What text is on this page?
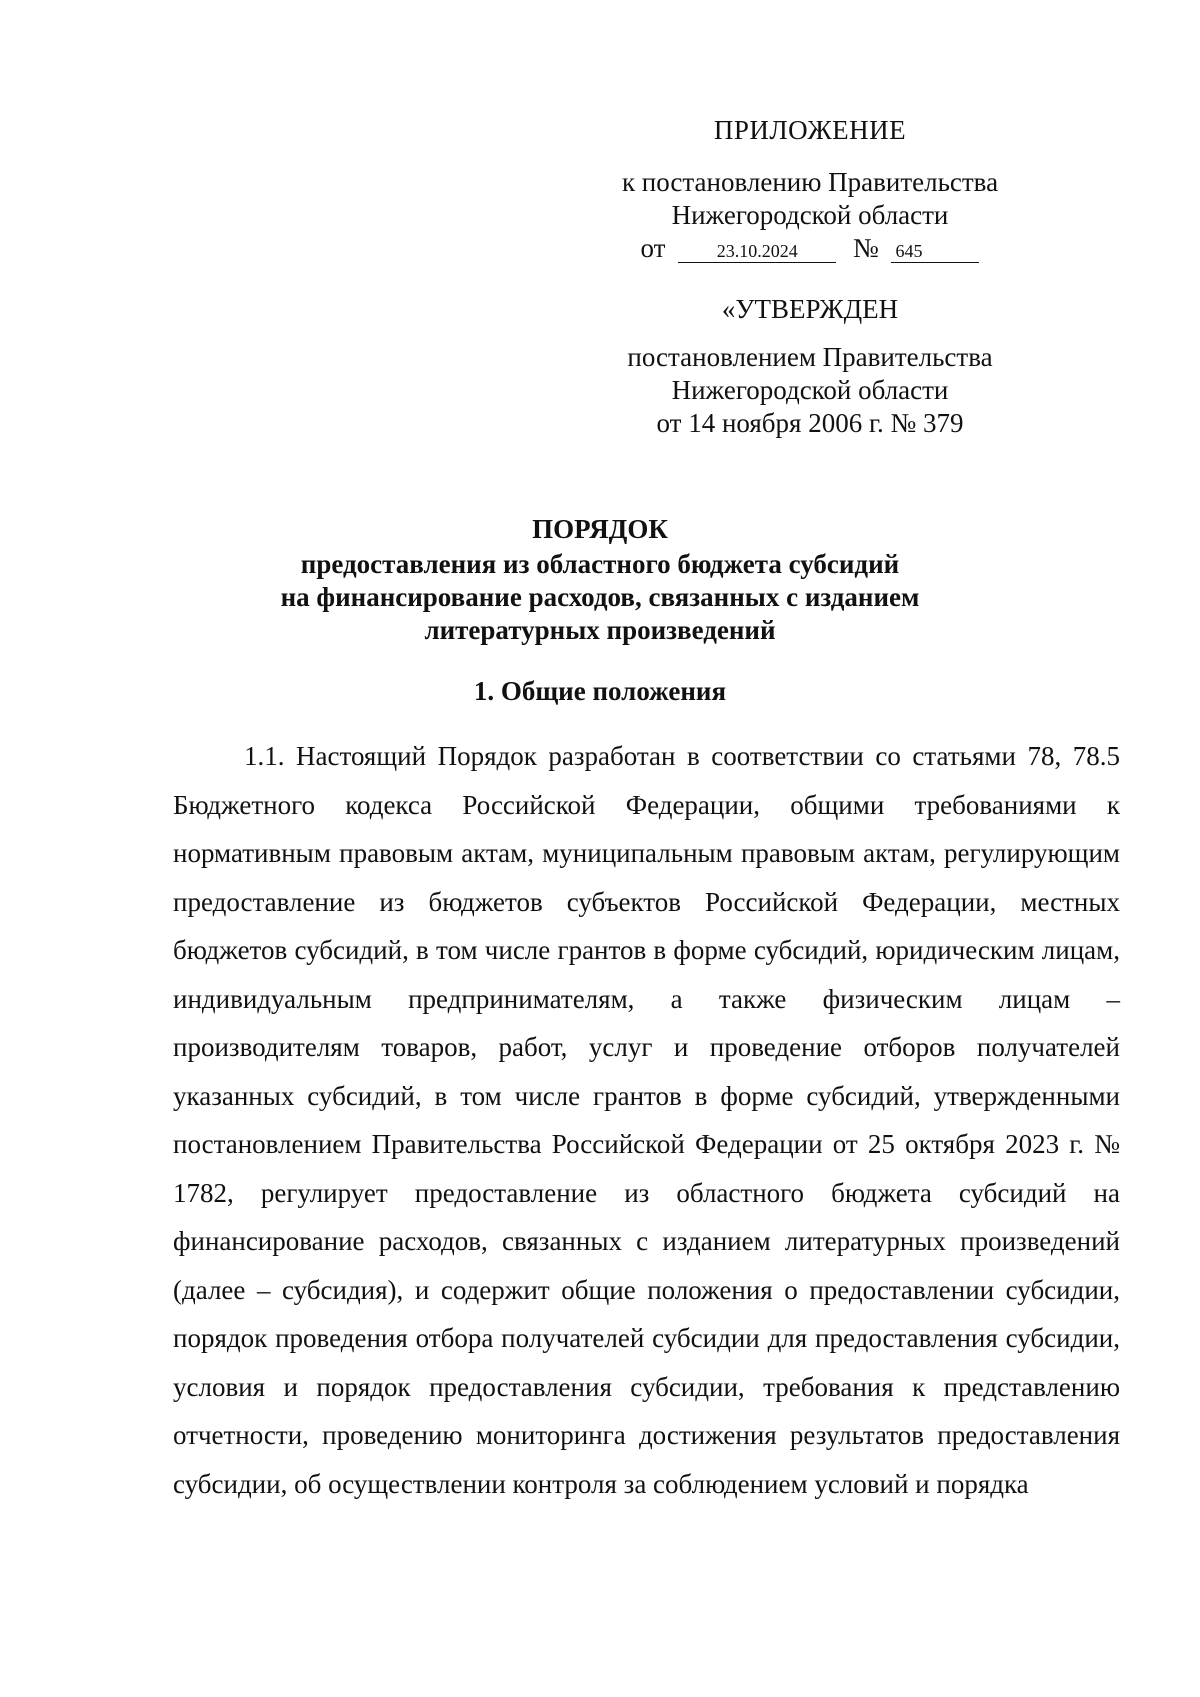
ПРИЛОЖЕНИЕ
к постановлению Правительства
Нижегородской области
от	23.10.2024 № 645
«УТВЕРЖДЕН
постановлением Правительства
Нижегородской области
от 14 ноября 2006 г. № 379
ПОРЯДОК
предоставления из областного бюджета субсидий
на финансирование расходов, связанных с изданием
литературных произведений
1. Общие положения

1.1. Настоящий Порядок разработан в соответствии со статьями 78, 78.5 Бюджетного кодекса Российской Федерации, общими требованиями к нормативным правовым актам, муниципальным правовым актам, регулирующим предоставление из бюджетов субъектов Российской Федерации, местных бюджетов субсидий, в том числе грантов в форме субсидий, юридическим лицам, индивидуальным предпринимателям, а также физическим лицам – производителям товаров, работ, услуг и проведение отборов получателей указанных субсидий, в том числе грантов в форме субсидий, утвержденными постановлением Правительства Российской Федерации от 25 октября 2023 г. № 1782, регулирует предоставление из областного бюджета субсидий на финансирование расходов, связанных с изданием литературных произведений (далее – субсидия), и содержит общие положения о предоставлении субсидии, порядок проведения отбора получателей субсидии для предоставления субсидии, условия и порядок предоставления субсидии, требования к представлению отчетности, проведению мониторинга достижения результатов предоставления субсидии, об осуществлении контроля за соблюдением условий и порядка
